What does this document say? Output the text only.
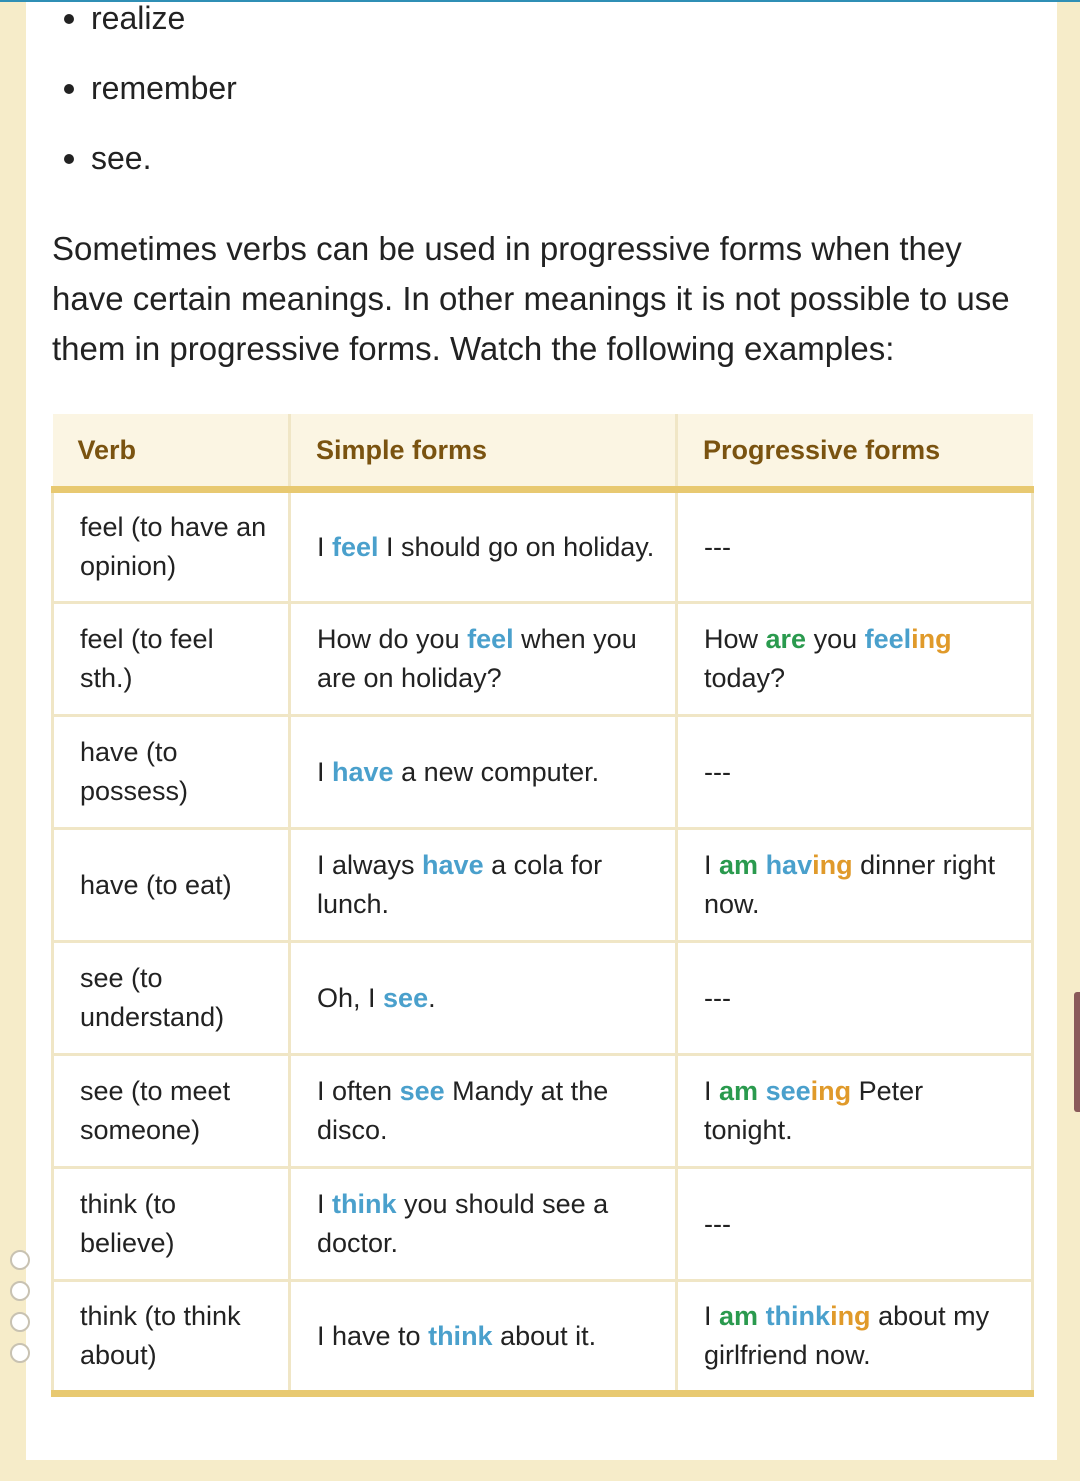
realize
remember
see.

Sometimes verbs can be used in progressive forms when they have certain meanings. In other meanings it is not possible to use them in progressive forms. Watch the following examples:

Verb	Simple forms	Progressive forms
feel (to have an opinion)	I feel I should go on holiday.	---
feel (to feel sth.)	How do you feel when you are on holiday?	How are you feeling today?
have (to possess)	I have a new computer.	---
have (to eat)	I always have a cola for lunch.	I am having dinner right now.
see (to understand)	Oh, I see.	---
see (to meet someone)	I often see Mandy at the disco.	I am seeing Peter tonight.
think (to believe)	I think you should see a doctor.	---
think (to think about)	I have to think about it.	I am thinking about my girlfriend now.
